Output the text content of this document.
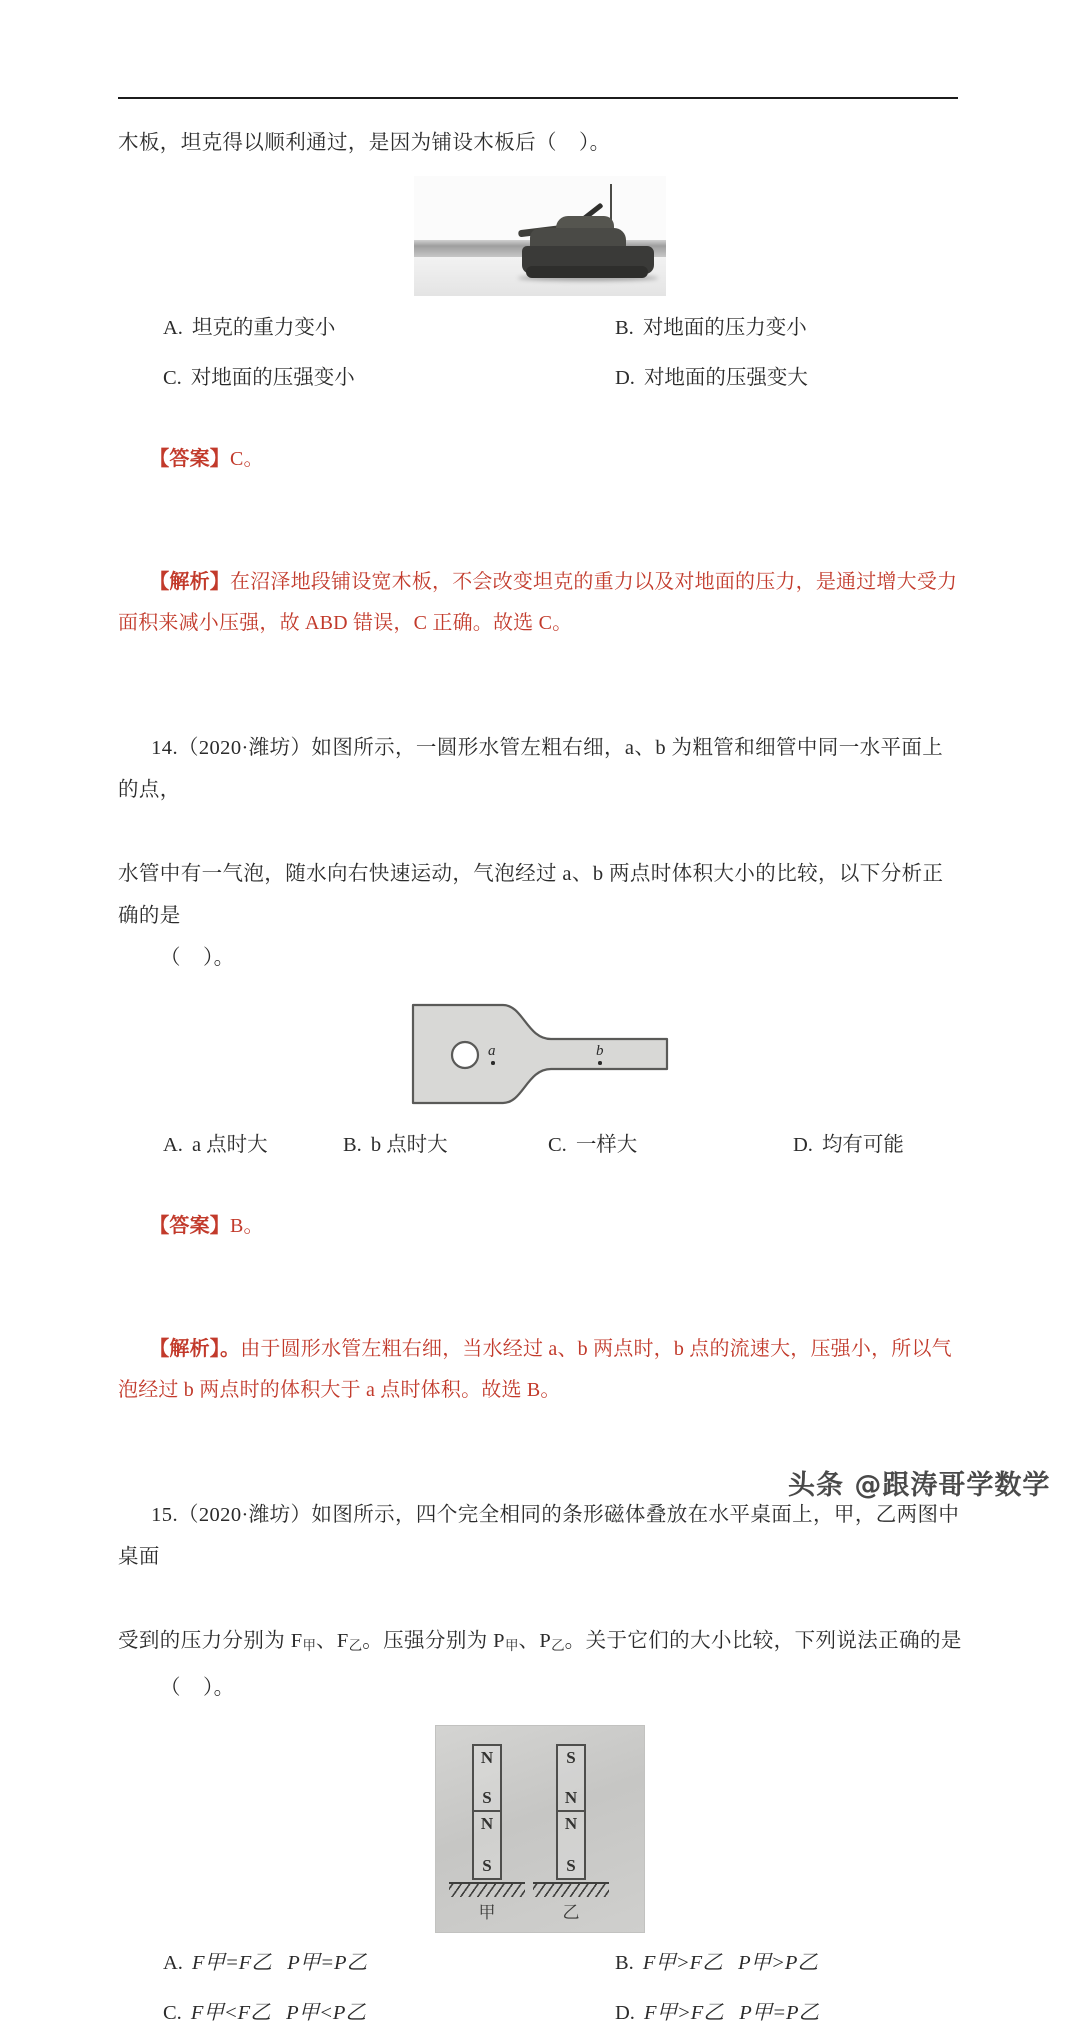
木板，坦克得以顺利通过，是因为铺设木板后（    ）。
A. 坦克的重力变小	B. 对地面的压力变小
C. 对地面的压强变小	D. 对地面的压强变大

【答案】C。

【解析】在沼泽地段铺设宽木板，不会改变坦克的重力以及对地面的压力，是通过增大受力面积来减小压强，故 ABD 错误，C 正确。故选 C。

14.（2020·潍坊）如图所示，一圆形水管左粗右细，a、b 为粗管和细管中同一水平面上的点，

水管中有一气泡，随水向右快速运动，气泡经过 a、b 两点时体积大小的比较，以下分析正确的是
（    ）。
a	b
A. a 点时大	B. b 点时大	C. 一样大	D. 均有可能

【答案】B。

【解析】。由于圆形水管左粗右细，当水经过 a、b 两点时，b 点的流速大，压强小，所以气泡经过 b 两点时的体积大于 a 点时体积。故选 B。

15.（2020·潍坊）如图所示，四个完全相同的条形磁体叠放在水平桌面上，甲，乙两图中桌面

受到的压力分别为 $F_甲$、$F_乙$。压强分别为 $P_甲$、$P_乙$。关于它们的大小比较，下列说法正确的是
（    ）。
N
S
N
S
S
N
N
S
甲	乙
A. F甲=F乙 P甲=P乙	B. F甲>F乙 P甲>P乙
C. F甲<F乙 P甲<P乙	D. F甲>F乙 P甲=P乙
头条 @跟涛哥学数学
